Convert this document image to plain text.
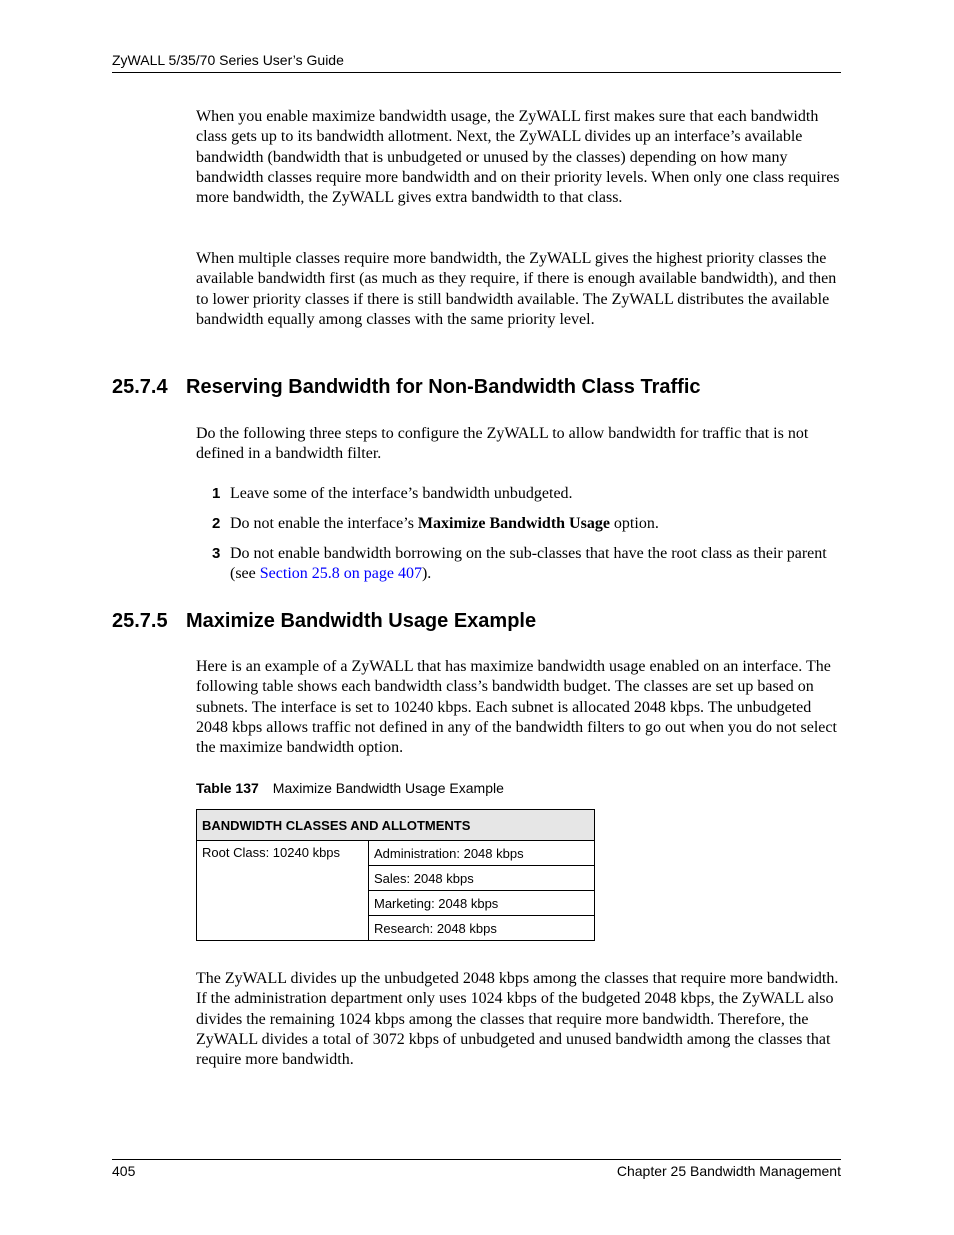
ZyWALL 5/35/70 Series User’s Guide

When you enable maximize bandwidth usage, the ZyWALL first makes sure that each bandwidth class gets up to its bandwidth allotment. Next, the ZyWALL divides up an interface’s available bandwidth (bandwidth that is unbudgeted or unused by the classes) depending on how many bandwidth classes require more bandwidth and on their priority levels. When only one class requires more bandwidth, the ZyWALL gives extra bandwidth to that class.

When multiple classes require more bandwidth, the ZyWALL gives the highest priority classes the available bandwidth first (as much as they require, if there is enough available bandwidth), and then to lower priority classes if there is still bandwidth available. The ZyWALL distributes the available bandwidth equally among classes with the same priority level.

25.7.4 Reserving Bandwidth for Non-Bandwidth Class Traffic

Do the following three steps to configure the ZyWALL to allow bandwidth for traffic that is not defined in a bandwidth filter.

1 Leave some of the interface’s bandwidth unbudgeted.
2 Do not enable the interface’s Maximize Bandwidth Usage option.
3 Do not enable bandwidth borrowing on the sub-classes that have the root class as their parent (see Section 25.8 on page 407).
25.7.5 Maximize Bandwidth Usage Example

Here is an example of a ZyWALL that has maximize bandwidth usage enabled on an interface. The following table shows each bandwidth class’s bandwidth budget. The classes are set up based on subnets. The interface is set to 10240 kbps. Each subnet is allocated 2048 kbps. The unbudgeted 2048 kbps allows traffic not defined in any of the bandwidth filters to go out when you do not select the maximize bandwidth option.

Table 137 Maximize Bandwidth Usage Example
BANDWIDTH CLASSES AND ALLOTMENTS
Root Class: 10240 kbps	Administration: 2048 kbps
Sales: 2048 kbps
Marketing: 2048 kbps
Research: 2048 kbps

The ZyWALL divides up the unbudgeted 2048 kbps among the classes that require more bandwidth. If the administration department only uses 1024 kbps of the budgeted 2048 kbps, the ZyWALL also divides the remaining 1024 kbps among the classes that require more bandwidth. Therefore, the ZyWALL divides a total of 3072 kbps of unbudgeted and unused bandwidth among the classes that require more bandwidth.

405	Chapter 25 Bandwidth Management
